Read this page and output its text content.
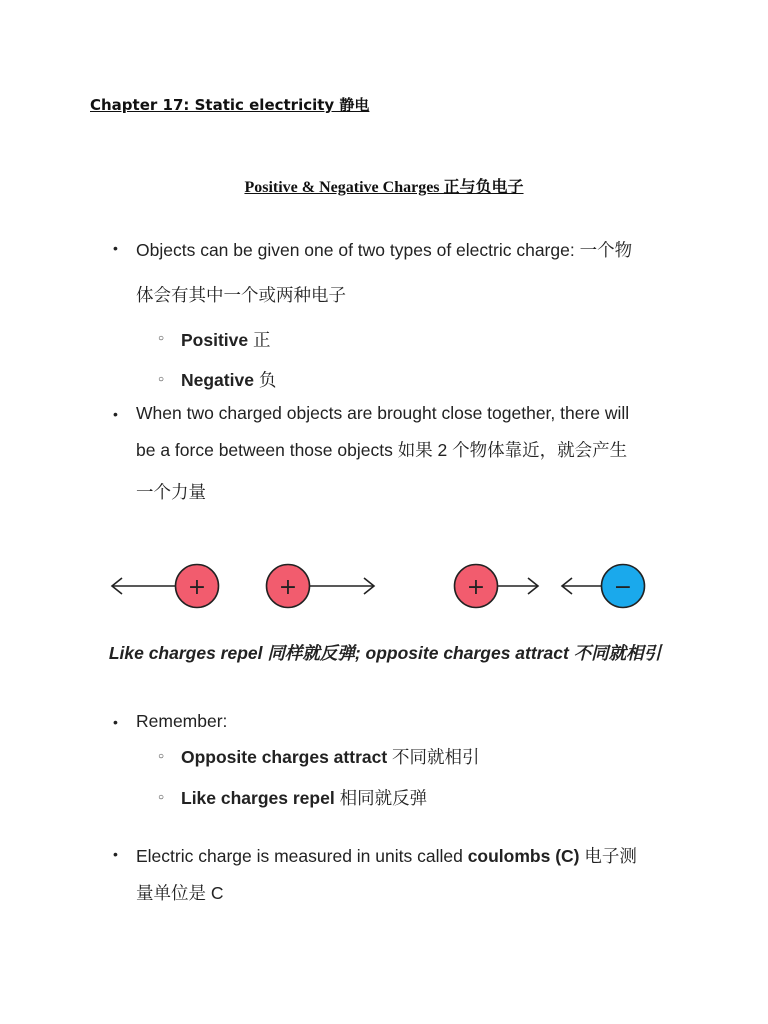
Chapter 17: Static electricity 静电
Positive & Negative Charges 正与负电子
• Objects can be given one of two types of electric charge: 一个物
体会有其中一个或两种电子
○ Positive 正
○ Negative 负
• When two charged objects are brought close together, there will
be a force between those objects 如果 2 个物体靠近，就会产生
一个力量
+	+	+	−
Like charges repel 同样就反弹; opposite charges attract 不同就相引
• Remember:
○ Opposite charges attract 不同就相引
○ Like charges repel 相同就反弹
• Electric charge is measured in units called coulombs (C) 电子测
量单位是 C
